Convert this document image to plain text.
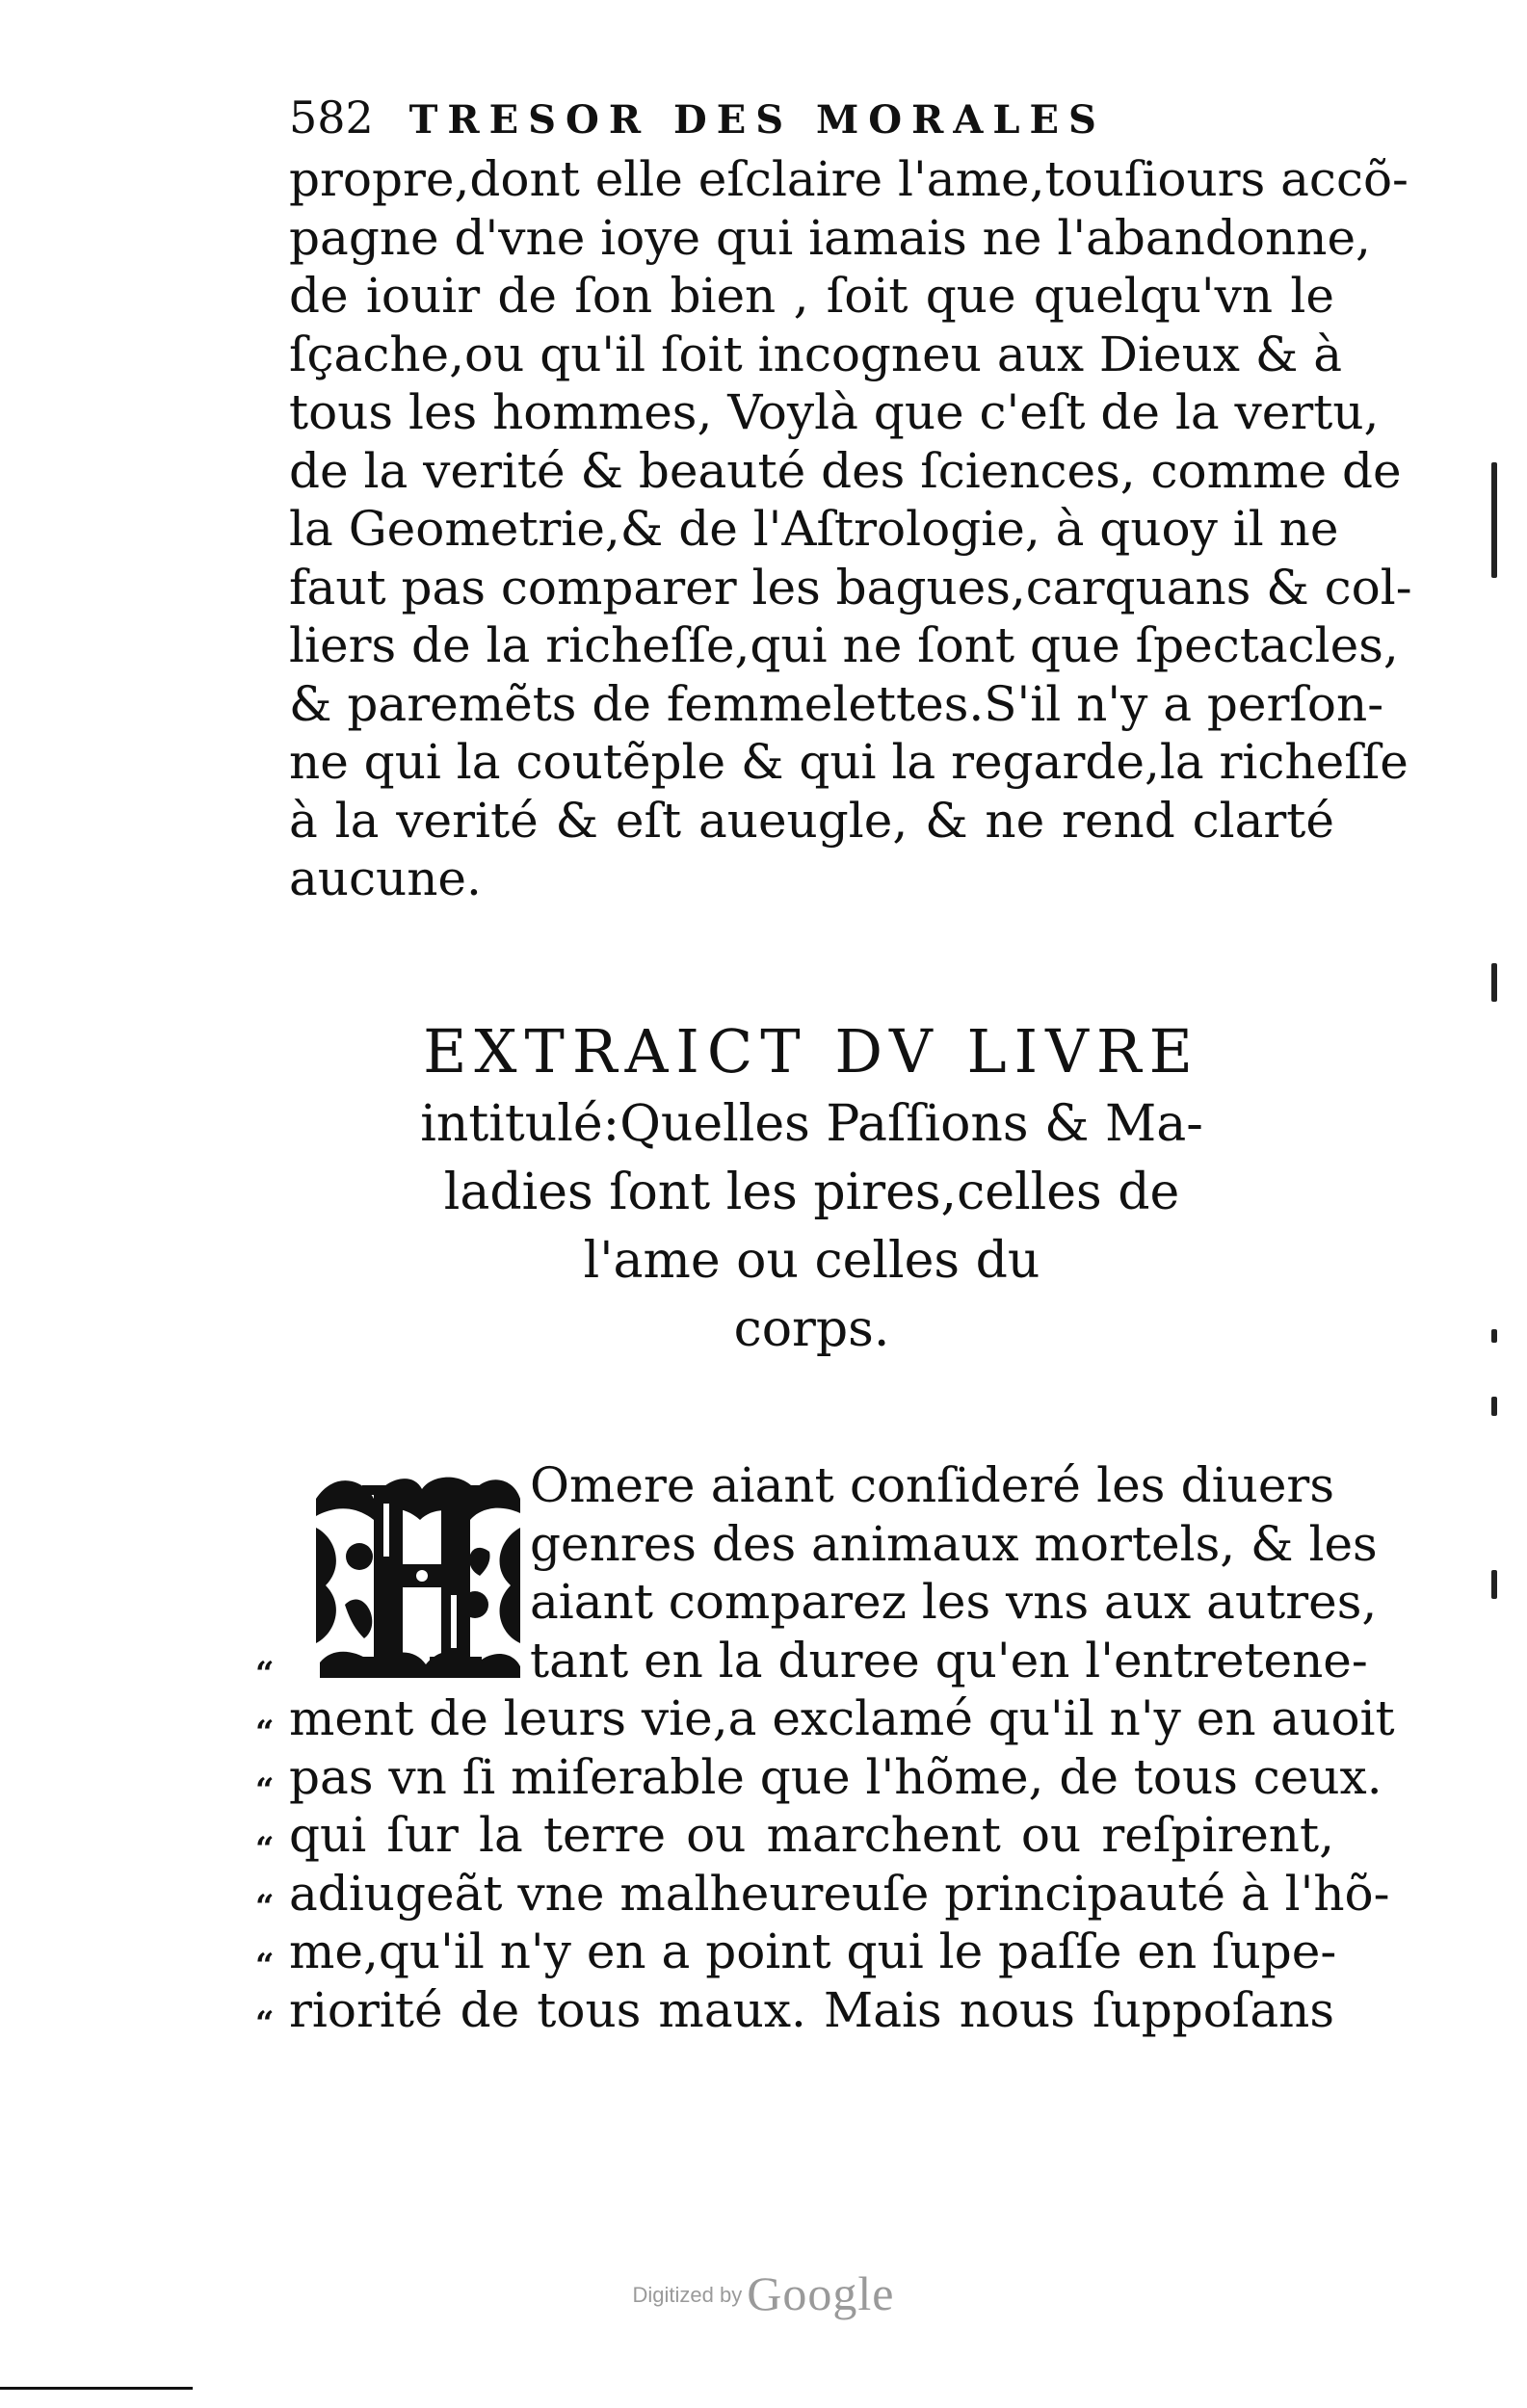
582 TRESOR DES MORALES
propre,dont elle eſclaire l'ame,touſiours accõ-
pagne d'vne ioye qui iamais ne l'abandonne,
de iouir de ſon bien , ſoit que quelqu'vn le
ſçache,ou qu'il ſoit incogneu aux Dieux & à
tous les hommes, Voylà que c'eſt de la vertu,
de la verité & beauté des ſciences, comme de
la Geometrie,& de l'Aſtrologie, à quoy il ne
faut pas comparer les bagues,carquans & col-
liers de la richeſſe,qui ne ſont que ſpectacles,
& paremẽts de femmelettes.S'il n'y a perſon-
ne qui la coutẽple & qui la regarde,la richeſſe
à la verité & eſt aueugle, & ne rend clarté
aucune.
EXTRAICT DV LIVRE
intitulé:Quelles Paſſions & Ma-
ladies ſont les pires,celles de
l'ame ou celles du
corps.
Omere aiant conſideré les diuers
genres des animaux mortels, & les
aiant comparez les vns aux autres,
tant en la duree qu'en l'entretene-
ment de leurs vie,a exclamé qu'il n'y en auoit
pas vn ſi miſerable que l'hõme, de tous ceux.
qui ſur la terre ou marchent ou reſpirent,
adiugeãt vne malheureuſe principauté à l'hõ-
me,qu'il n'y en a point qui le paſſe en ſupe-
riorité de tous maux. Mais nous ſuppoſans
“
“
“
“
“
“
“
Digitized by Google
